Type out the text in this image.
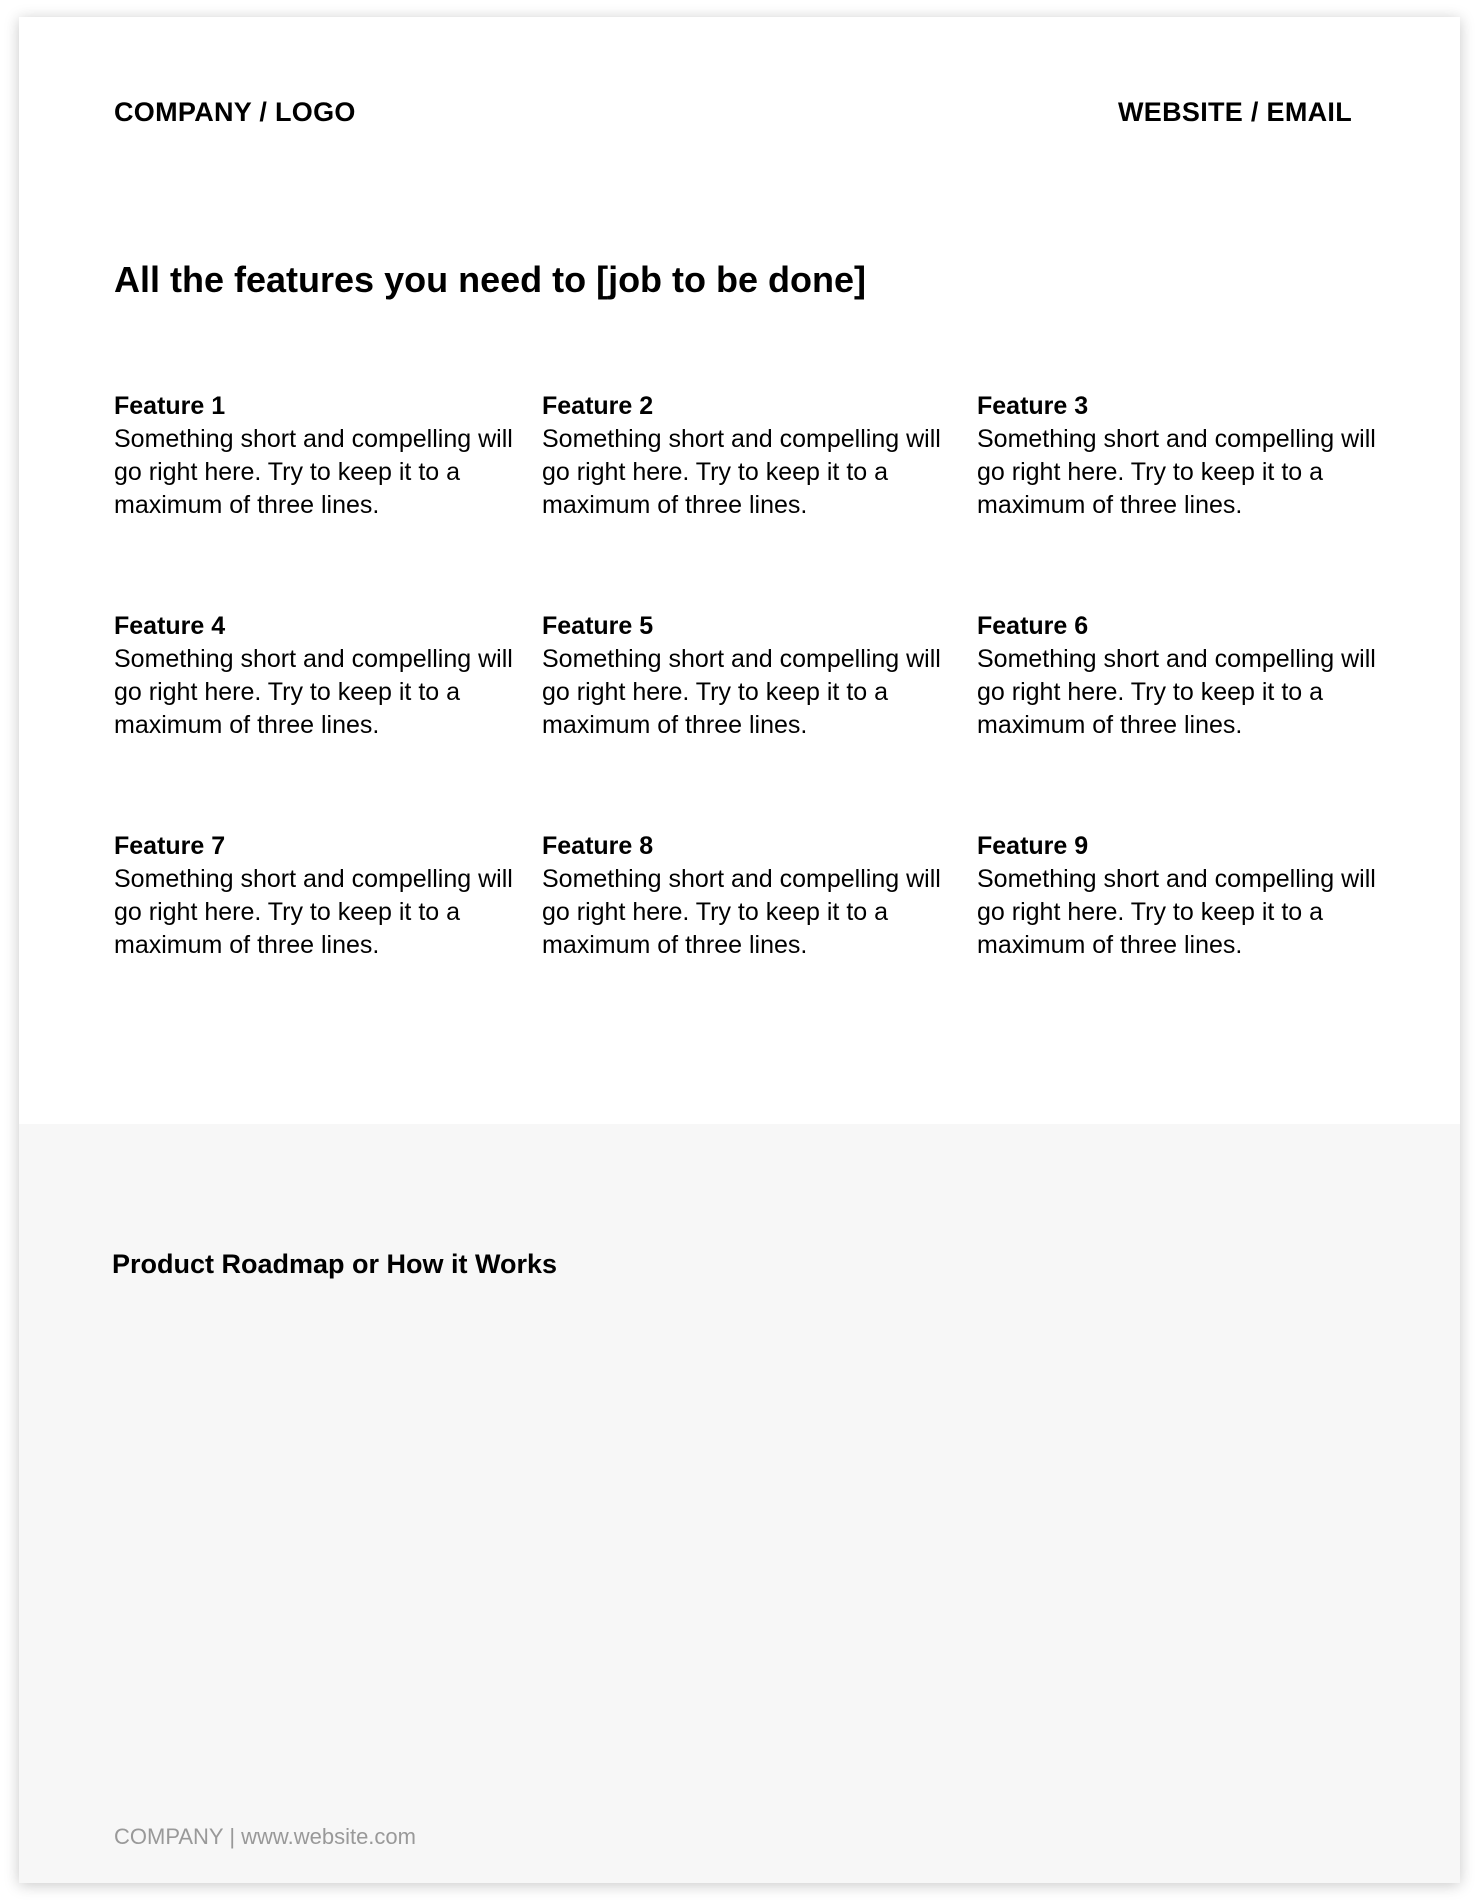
COMPANY / LOGO	WEBSITE / EMAIL
All the features you need to [job to be done]
Feature 1
Something short and compelling will go right here. Try to keep it to a maximum of three lines.
Feature 2
Something short and compelling will go right here. Try to keep it to a maximum of three lines.
Feature 3
Something short and compelling will go right here. Try to keep it to a maximum of three lines.
Feature 4
Something short and compelling will go right here. Try to keep it to a maximum of three lines.
Feature 5
Something short and compelling will go right here. Try to keep it to a maximum of three lines.
Feature 6
Something short and compelling will go right here. Try to keep it to a maximum of three lines.
Feature 7
Something short and compelling will go right here. Try to keep it to a maximum of three lines.
Feature 8
Something short and compelling will go right here. Try to keep it to a maximum of three lines.
Feature 9
Something short and compelling will go right here. Try to keep it to a maximum of three lines.
Product Roadmap or How it Works
COMPANY | www.website.com
